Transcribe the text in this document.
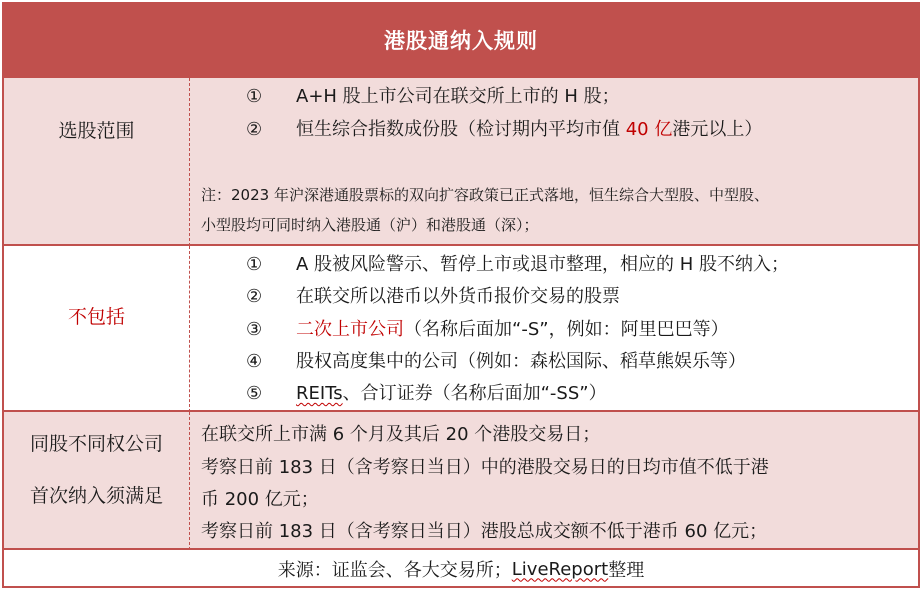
港股通纳入规则
选股范围
① A+H 股上市公司在联交所上市的 H 股；
② 恒生综合指数成份股（检讨期内平均市值 40 亿港元以上）
注：2023 年沪深港通股票标的双向扩容政策已正式落地，恒生综合大型股、中型股、
小型股均可同时纳入港股通（沪）和港股通（深）；
不包括
① A 股被风险警示、暂停上市或退市整理，相应的 H 股不纳入；
② 在联交所以港币以外货币报价交易的股票
③ 二次上市公司（名称后面加“-S”，例如：阿里巴巴等）
④ 股权高度集中的公司（例如：森松国际、稻草熊娱乐等）
⑤ REITs、合订证券（名称后面加“-SS”）
同股不同权公司
首次纳入须满足
在联交所上市满 6 个月及其后 20 个港股交易日；
考察日前 183 日（含考察日当日）中的港股交易日的日均市值不低于港
币 200 亿元；
考察日前 183 日（含考察日当日）港股总成交额不低于港币 60 亿元；
来源：证监会、各大交易所； LiveReport 整理
